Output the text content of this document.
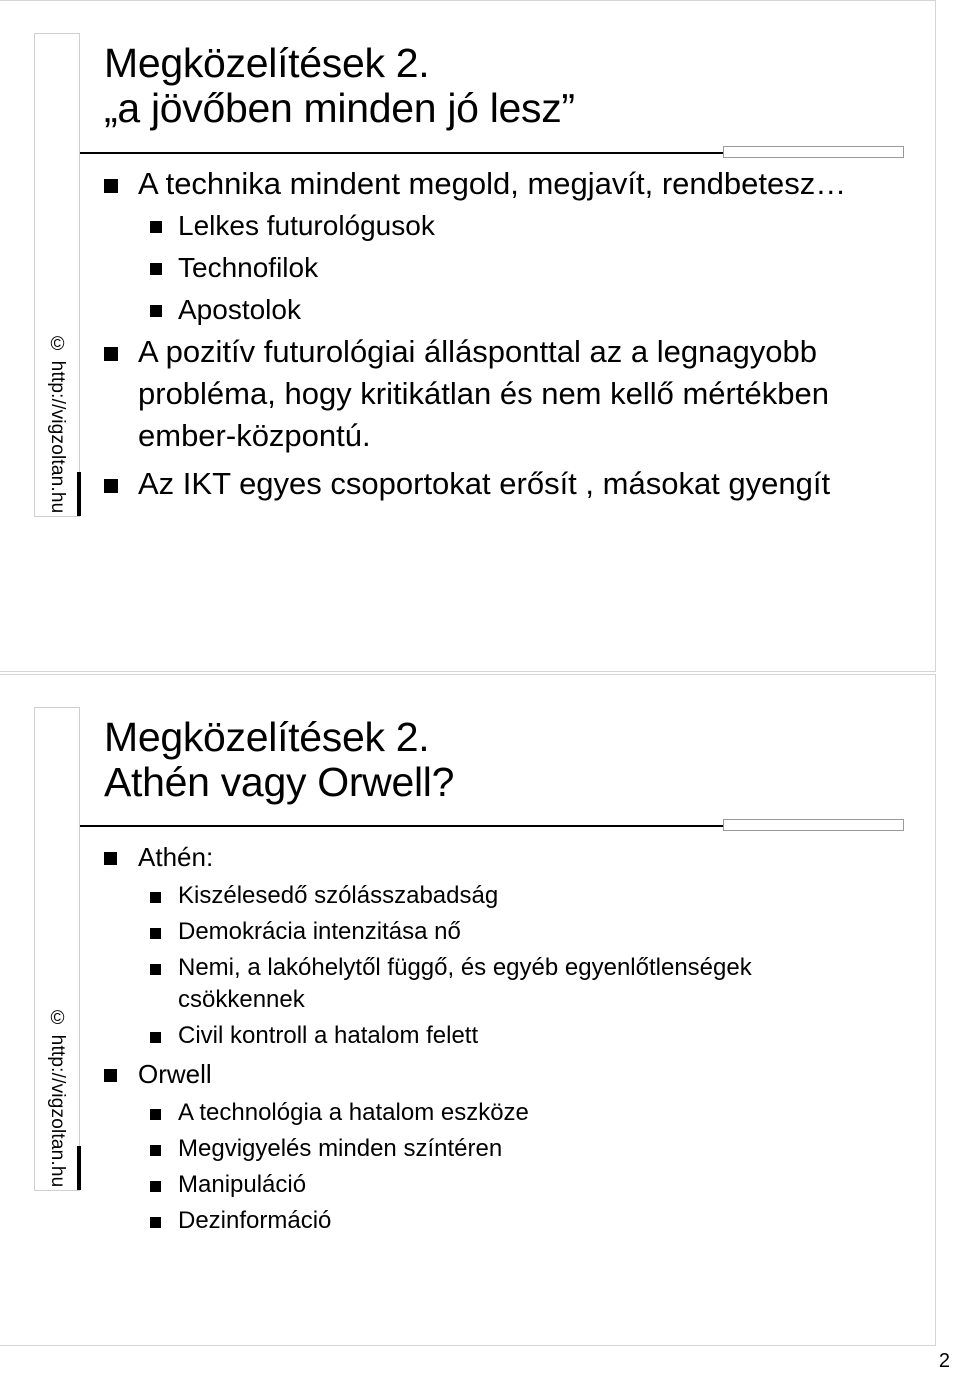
© http://vigzoltan.hu
Megközelítések 2.
„a jövőben minden jó lesz”
A technika mindent megold, megjavít, rendbetesz…
Lelkes futurológusok
Technofilok
Apostolok
A pozitív futurológiai állásponttal az a legnagyobb probléma, hogy kritikátlan és nem kellő mértékben ember-központú.
Az IKT egyes csoportokat erősít , másokat gyengít
© http://vigzoltan.hu
Megközelítések 2.
Athén vagy Orwell?
Athén:
Kiszélesedő szólásszabadság
Demokrácia intenzitása nő
Nemi, a lakóhelytől függő, és egyéb egyenlőtlenségek csökkennek
Civil kontroll a hatalom felett
Orwell
A technológia a hatalom eszköze
Megvigyelés minden színtéren
Manipuláció
Dezinformáció
2
